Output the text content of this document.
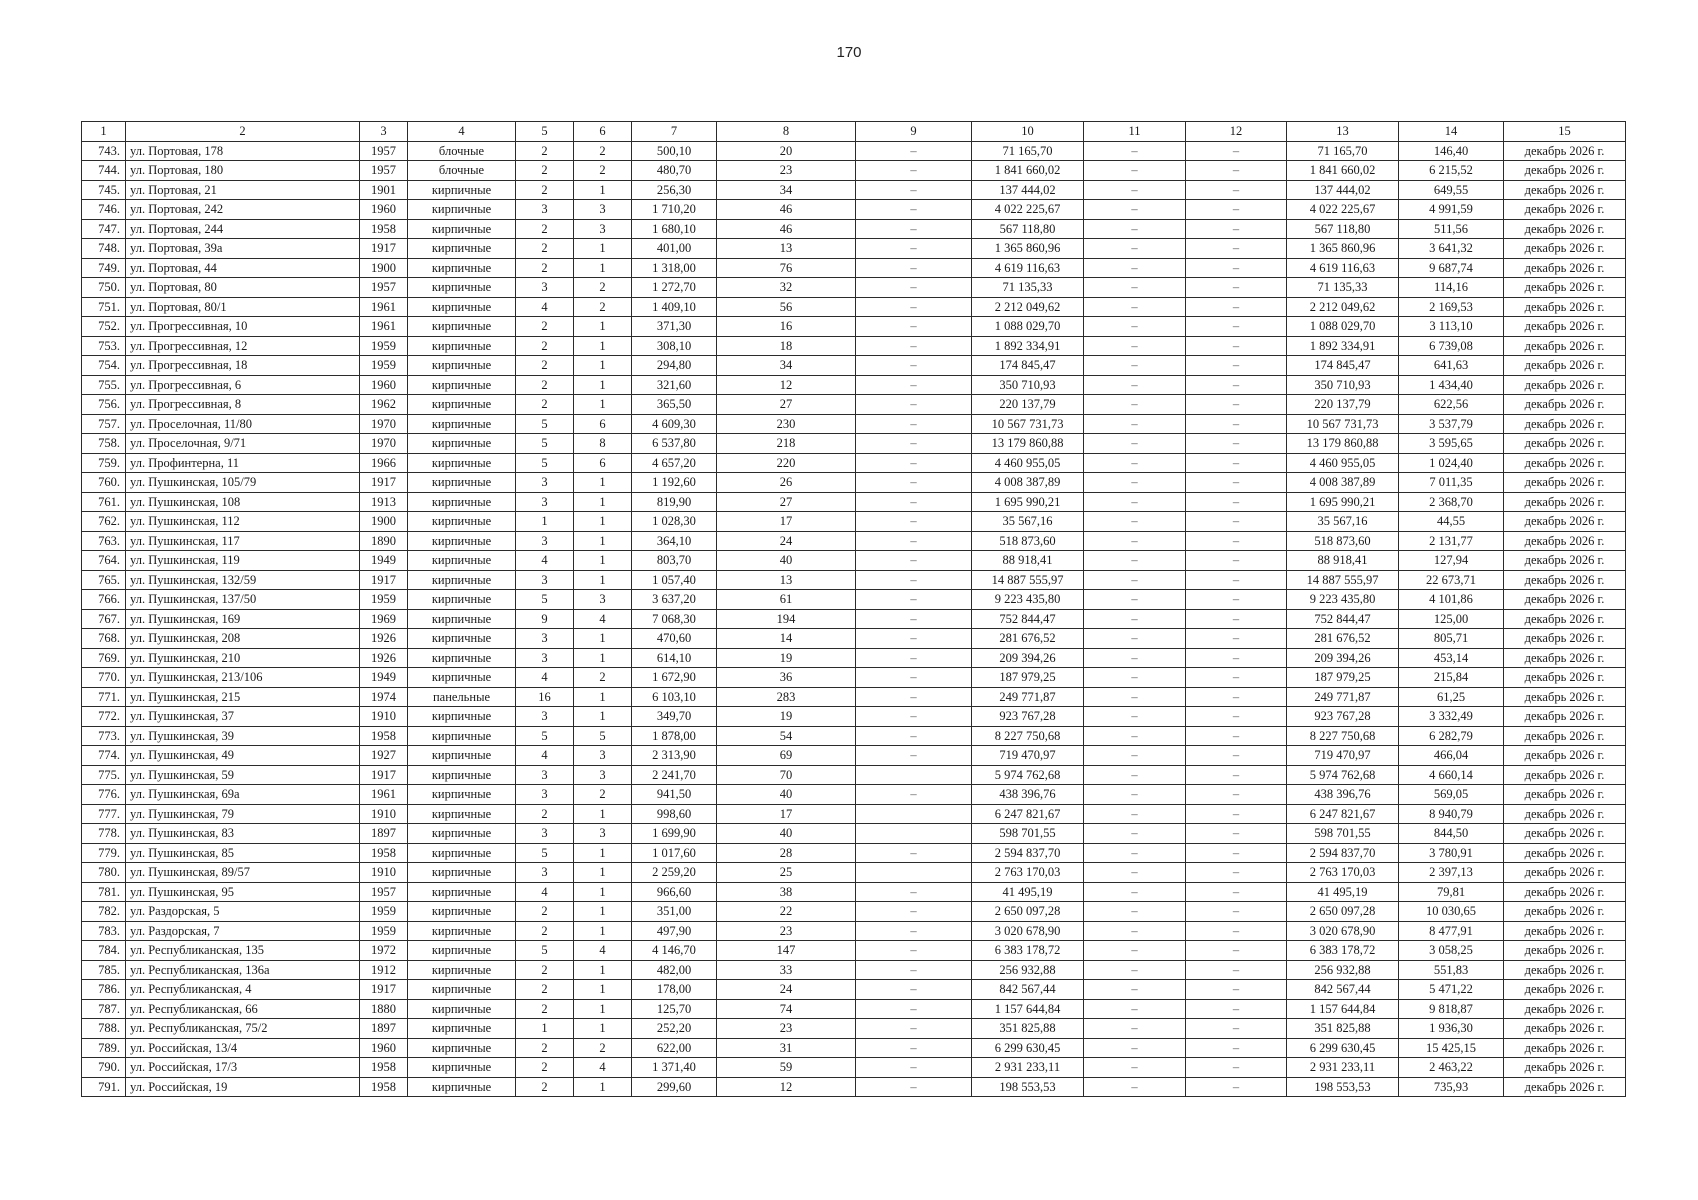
170
1	2	3	4	5	6	7	8	9	10	11	12	13	14	15
743.	ул. Портовая, 178	1957	блочные	2	2	500,10	20	–	71 165,70	–	–	71 165,70	146,40	декабрь 2026 г.
744.	ул. Портовая, 180	1957	блочные	2	2	480,70	23	–	1 841 660,02	–	–	1 841 660,02	6 215,52	декабрь 2026 г.
745.	ул. Портовая, 21	1901	кирпичные	2	1	256,30	34	–	137 444,02	–	–	137 444,02	649,55	декабрь 2026 г.
746.	ул. Портовая, 242	1960	кирпичные	3	3	1 710,20	46	–	4 022 225,67	–	–	4 022 225,67	4 991,59	декабрь 2026 г.
747.	ул. Портовая, 244	1958	кирпичные	2	3	1 680,10	46	–	567 118,80	–	–	567 118,80	511,56	декабрь 2026 г.
748.	ул. Портовая, 39а	1917	кирпичные	2	1	401,00	13	–	1 365 860,96	–	–	1 365 860,96	3 641,32	декабрь 2026 г.
749.	ул. Портовая, 44	1900	кирпичные	2	1	1 318,00	76	–	4 619 116,63	–	–	4 619 116,63	9 687,74	декабрь 2026 г.
750.	ул. Портовая, 80	1957	кирпичные	3	2	1 272,70	32	–	71 135,33	–	–	71 135,33	114,16	декабрь 2026 г.
751.	ул. Портовая, 80/1	1961	кирпичные	4	2	1 409,10	56	–	2 212 049,62	–	–	2 212 049,62	2 169,53	декабрь 2026 г.
752.	ул. Прогрессивная, 10	1961	кирпичные	2	1	371,30	16	–	1 088 029,70	–	–	1 088 029,70	3 113,10	декабрь 2026 г.
753.	ул. Прогрессивная, 12	1959	кирпичные	2	1	308,10	18	–	1 892 334,91	–	–	1 892 334,91	6 739,08	декабрь 2026 г.
754.	ул. Прогрессивная, 18	1959	кирпичные	2	1	294,80	34	–	174 845,47	–	–	174 845,47	641,63	декабрь 2026 г.
755.	ул. Прогрессивная, 6	1960	кирпичные	2	1	321,60	12	–	350 710,93	–	–	350 710,93	1 434,40	декабрь 2026 г.
756.	ул. Прогрессивная, 8	1962	кирпичные	2	1	365,50	27	–	220 137,79	–	–	220 137,79	622,56	декабрь 2026 г.
757.	ул. Проселочная, 11/80	1970	кирпичные	5	6	4 609,30	230	–	10 567 731,73	–	–	10 567 731,73	3 537,79	декабрь 2026 г.
758.	ул. Проселочная, 9/71	1970	кирпичные	5	8	6 537,80	218	–	13 179 860,88	–	–	13 179 860,88	3 595,65	декабрь 2026 г.
759.	ул. Профинтерна, 11	1966	кирпичные	5	6	4 657,20	220	–	4 460 955,05	–	–	4 460 955,05	1 024,40	декабрь 2026 г.
760.	ул. Пушкинская, 105/79	1917	кирпичные	3	1	1 192,60	26	–	4 008 387,89	–	–	4 008 387,89	7 011,35	декабрь 2026 г.
761.	ул. Пушкинская, 108	1913	кирпичные	3	1	819,90	27	–	1 695 990,21	–	–	1 695 990,21	2 368,70	декабрь 2026 г.
762.	ул. Пушкинская, 112	1900	кирпичные	1	1	1 028,30	17	–	35 567,16	–	–	35 567,16	44,55	декабрь 2026 г.
763.	ул. Пушкинская, 117	1890	кирпичные	3	1	364,10	24	–	518 873,60	–	–	518 873,60	2 131,77	декабрь 2026 г.
764.	ул. Пушкинская, 119	1949	кирпичные	4	1	803,70	40	–	88 918,41	–	–	88 918,41	127,94	декабрь 2026 г.
765.	ул. Пушкинская, 132/59	1917	кирпичные	3	1	1 057,40	13	–	14 887 555,97	–	–	14 887 555,97	22 673,71	декабрь 2026 г.
766.	ул. Пушкинская, 137/50	1959	кирпичные	5	3	3 637,20	61	–	9 223 435,80	–	–	9 223 435,80	4 101,86	декабрь 2026 г.
767.	ул. Пушкинская, 169	1969	кирпичные	9	4	7 068,30	194	–	752 844,47	–	–	752 844,47	125,00	декабрь 2026 г.
768.	ул. Пушкинская, 208	1926	кирпичные	3	1	470,60	14	–	281 676,52	–	–	281 676,52	805,71	декабрь 2026 г.
769.	ул. Пушкинская, 210	1926	кирпичные	3	1	614,10	19	–	209 394,26	–	–	209 394,26	453,14	декабрь 2026 г.
770.	ул. Пушкинская, 213/106	1949	кирпичные	4	2	1 672,90	36	–	187 979,25	–	–	187 979,25	215,84	декабрь 2026 г.
771.	ул. Пушкинская, 215	1974	панельные	16	1	6 103,10	283	–	249 771,87	–	–	249 771,87	61,25	декабрь 2026 г.
772.	ул. Пушкинская, 37	1910	кирпичные	3	1	349,70	19	–	923 767,28	–	–	923 767,28	3 332,49	декабрь 2026 г.
773.	ул. Пушкинская, 39	1958	кирпичные	5	5	1 878,00	54	–	8 227 750,68	–	–	8 227 750,68	6 282,79	декабрь 2026 г.
774.	ул. Пушкинская, 49	1927	кирпичные	4	3	2 313,90	69	–	719 470,97	–	–	719 470,97	466,04	декабрь 2026 г.
775.	ул. Пушкинская, 59	1917	кирпичные	3	3	2 241,70	70		5 974 762,68	–	–	5 974 762,68	4 660,14	декабрь 2026 г.
776.	ул. Пушкинская, 69а	1961	кирпичные	3	2	941,50	40	–	438 396,76	–	–	438 396,76	569,05	декабрь 2026 г.
777.	ул. Пушкинская, 79	1910	кирпичные	2	1	998,60	17		6 247 821,67	–	–	6 247 821,67	8 940,79	декабрь 2026 г.
778.	ул. Пушкинская, 83	1897	кирпичные	3	3	1 699,90	40		598 701,55	–	–	598 701,55	844,50	декабрь 2026 г.
779.	ул. Пушкинская, 85	1958	кирпичные	5	1	1 017,60	28	–	2 594 837,70	–	–	2 594 837,70	3 780,91	декабрь 2026 г.
780.	ул. Пушкинская, 89/57	1910	кирпичные	3	1	2 259,20	25		2 763 170,03	–	–	2 763 170,03	2 397,13	декабрь 2026 г.
781.	ул. Пушкинская, 95	1957	кирпичные	4	1	966,60	38	–	41 495,19	–	–	41 495,19	79,81	декабрь 2026 г.
782.	ул. Раздорская, 5	1959	кирпичные	2	1	351,00	22	–	2 650 097,28	–	–	2 650 097,28	10 030,65	декабрь 2026 г.
783.	ул. Раздорская, 7	1959	кирпичные	2	1	497,90	23	–	3 020 678,90	–	–	3 020 678,90	8 477,91	декабрь 2026 г.
784.	ул. Республиканская, 135	1972	кирпичные	5	4	4 146,70	147	–	6 383 178,72	–	–	6 383 178,72	3 058,25	декабрь 2026 г.
785.	ул. Республиканская, 136а	1912	кирпичные	2	1	482,00	33	–	256 932,88	–	–	256 932,88	551,83	декабрь 2026 г.
786.	ул. Республиканская, 4	1917	кирпичные	2	1	178,00	24	–	842 567,44	–	–	842 567,44	5 471,22	декабрь 2026 г.
787.	ул. Республиканская, 66	1880	кирпичные	2	1	125,70	74	–	1 157 644,84	–	–	1 157 644,84	9 818,87	декабрь 2026 г.
788.	ул. Республиканская, 75/2	1897	кирпичные	1	1	252,20	23	–	351 825,88	–	–	351 825,88	1 936,30	декабрь 2026 г.
789.	ул. Российская, 13/4	1960	кирпичные	2	2	622,00	31	–	6 299 630,45	–	–	6 299 630,45	15 425,15	декабрь 2026 г.
790.	ул. Российская, 17/3	1958	кирпичные	2	4	1 371,40	59	–	2 931 233,11	–	–	2 931 233,11	2 463,22	декабрь 2026 г.
791.	ул. Российская, 19	1958	кирпичные	2	1	299,60	12	–	198 553,53	–	–	198 553,53	735,93	декабрь 2026 г.
